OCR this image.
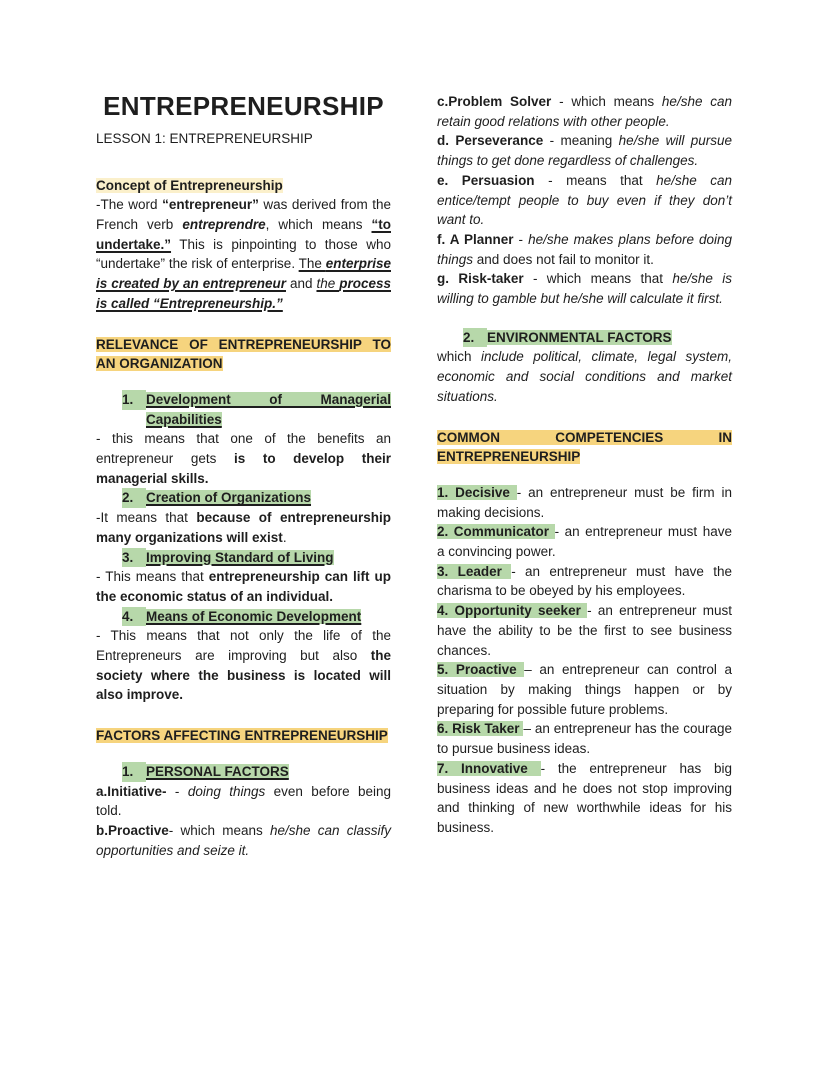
ENTREPRENEURSHIP
LESSON 1: ENTREPRENEURSHIP
Concept of Entrepreneurship
-The word “entrepreneur” was derived from the French verb entreprendre, which means “to undertake.” This is pinpointing to those who “undertake” the risk of enterprise. The enterprise is created by an entrepreneur and the process is called “Entrepreneurship.”
RELEVANCE OF ENTREPRENEURSHIP TO AN ORGANIZATION
1. Development of Managerial Capabilities
- this means that one of the benefits an entrepreneur gets is to develop their managerial skills.
2. Creation of Organizations
-It means that because of entrepreneurship many organizations will exist.
3. Improving Standard of Living
- This means that entrepreneurship can lift up the economic status of an individual.
4. Means of Economic Development
- This means that not only the life of the Entrepreneurs are improving but also the society where the business is located will also improve.
FACTORS AFFECTING ENTREPRENEURSHIP
1. PERSONAL FACTORS
a.Initiative- - doing things even before being told.
b.Proactive- which means he/she can classify opportunities and seize it.
c.Problem Solver - which means he/she can retain good relations with other people.
d. Perseverance - meaning he/she will pursue things to get done regardless of challenges.
e. Persuasion - means that he/she can entice/tempt people to buy even if they don’t want to.
f. A Planner - he/she makes plans before doing things and does not fail to monitor it.
g. Risk-taker - which means that he/she is willing to gamble but he/she will calculate it first.
2. ENVIRONMENTAL FACTORS
which include political, climate, legal system, economic and social conditions and market situations.
COMMON COMPETENCIES IN ENTREPRENEURSHIP
1. Decisive - an entrepreneur must be firm in making decisions.
2. Communicator - an entrepreneur must have a convincing power.
3. Leader - an entrepreneur must have the charisma to be obeyed by his employees.
4. Opportunity seeker - an entrepreneur must have the ability to be the first to see business chances.
5. Proactive – an entrepreneur can control a situation by making things happen or by preparing for possible future problems.
6. Risk Taker – an entrepreneur has the courage to pursue business ideas.
7. Innovative - the entrepreneur has big business ideas and he does not stop improving and thinking of new worthwhile ideas for his business.
